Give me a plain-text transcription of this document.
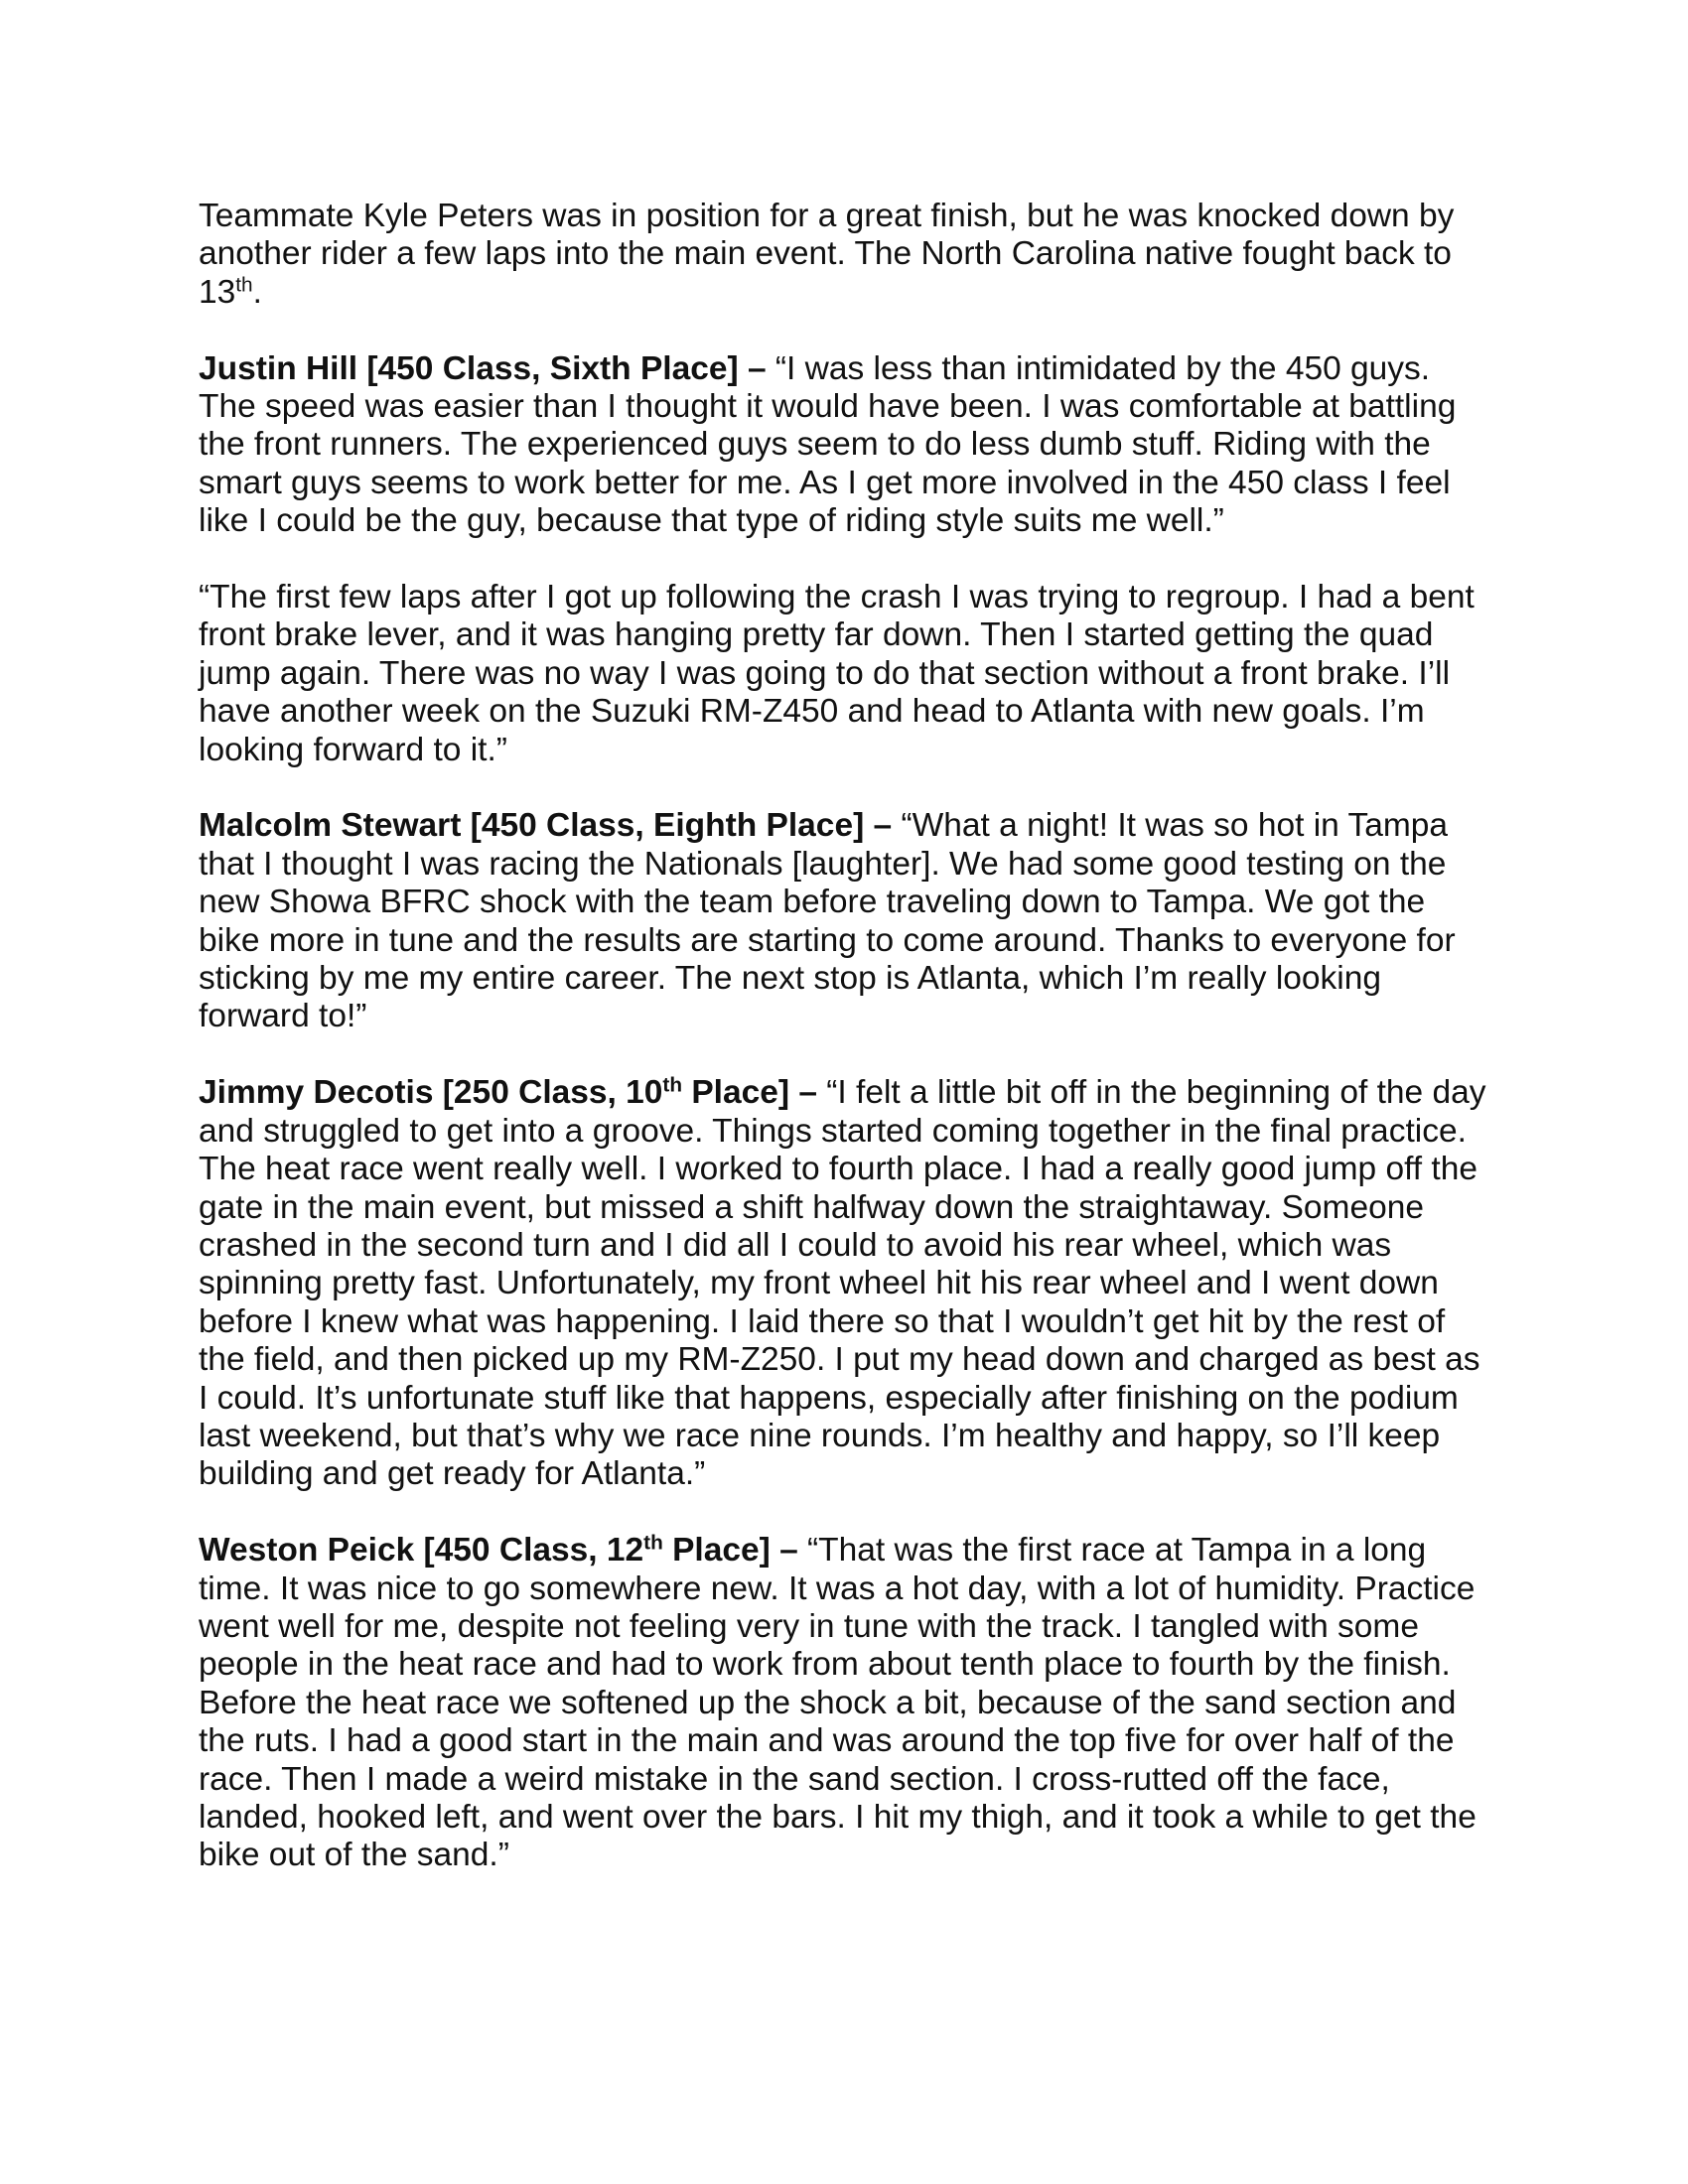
Teammate Kyle Peters was in position for a great finish, but he was knocked down by
another rider a few laps into the main event. The North Carolina native fought back to
13th.

Justin Hill [450 Class, Sixth Place] – “I was less than intimidated by the 450 guys.
The speed was easier than I thought it would have been. I was comfortable at battling
the front runners. The experienced guys seem to do less dumb stuff. Riding with the
smart guys seems to work better for me. As I get more involved in the 450 class I feel
like I could be the guy, because that type of riding style suits me well.”

“The first few laps after I got up following the crash I was trying to regroup. I had a bent
front brake lever, and it was hanging pretty far down. Then I started getting the quad
jump again. There was no way I was going to do that section without a front brake. I’ll
have another week on the Suzuki RM-Z450 and head to Atlanta with new goals. I’m
looking forward to it.”

Malcolm Stewart [450 Class, Eighth Place] – “What a night! It was so hot in Tampa
that I thought I was racing the Nationals [laughter]. We had some good testing on the
new Showa BFRC shock with the team before traveling down to Tampa. We got the
bike more in tune and the results are starting to come around. Thanks to everyone for
sticking by me my entire career. The next stop is Atlanta, which I’m really looking
forward to!”

Jimmy Decotis [250 Class, 10th Place] – “I felt a little bit off in the beginning of the day
and struggled to get into a groove. Things started coming together in the final practice.
The heat race went really well. I worked to fourth place. I had a really good jump off the
gate in the main event, but missed a shift halfway down the straightaway. Someone
crashed in the second turn and I did all I could to avoid his rear wheel, which was
spinning pretty fast. Unfortunately, my front wheel hit his rear wheel and I went down
before I knew what was happening. I laid there so that I wouldn’t get hit by the rest of
the field, and then picked up my RM-Z250. I put my head down and charged as best as
I could. It’s unfortunate stuff like that happens, especially after finishing on the podium
last weekend, but that’s why we race nine rounds. I’m healthy and happy, so I’ll keep
building and get ready for Atlanta.”

Weston Peick [450 Class, 12th Place] – “That was the first race at Tampa in a long
time. It was nice to go somewhere new. It was a hot day, with a lot of humidity. Practice
went well for me, despite not feeling very in tune with the track. I tangled with some
people in the heat race and had to work from about tenth place to fourth by the finish.
Before the heat race we softened up the shock a bit, because of the sand section and
the ruts. I had a good start in the main and was around the top five for over half of the
race. Then I made a weird mistake in the sand section. I cross-rutted off the face,
landed, hooked left, and went over the bars. I hit my thigh, and it took a while to get the
bike out of the sand.”
